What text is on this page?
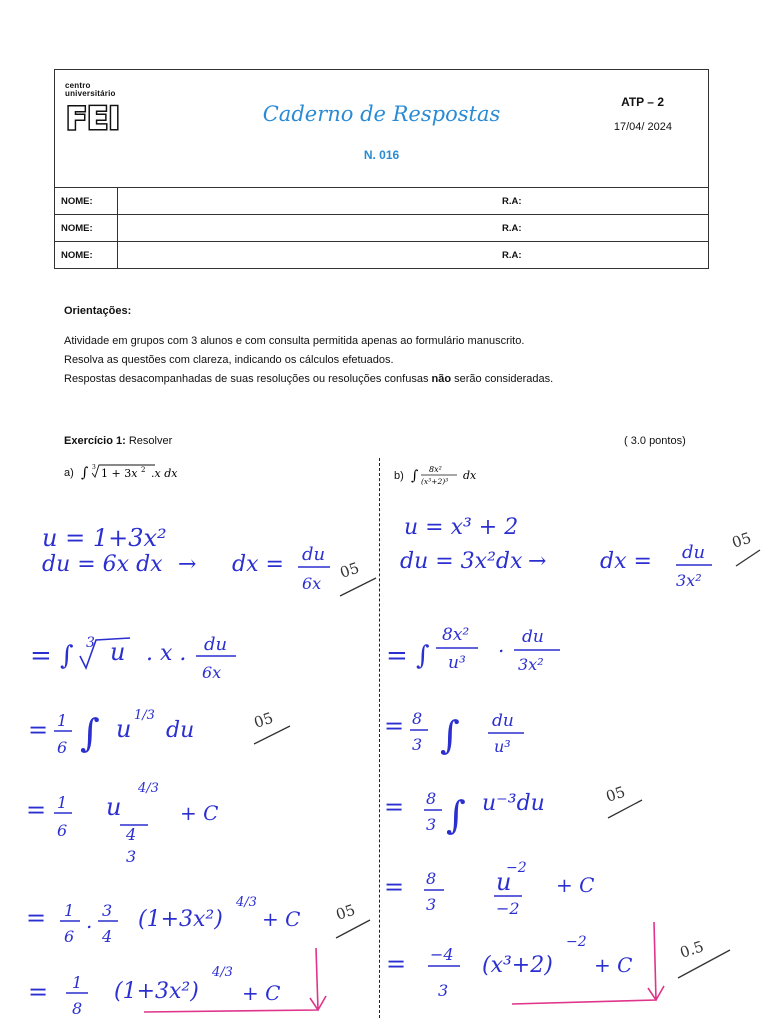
centro
universitário
FEI	Caderno de Respostas
N. 016
ATP – 2
17/04/ 2024
NOME:		R.A:
NOME:		R.A:
NOME:		R.A:
Orientações:
Atividade em grupos com 3 alunos e com consulta permitida apenas ao formulário manuscrito.
Resolva as questões com clareza, indicando os cálculos efetuados.
Respostas desacompanhadas de suas resoluções ou resoluções confusas não serão consideradas.
Exercício 1: Resolver	( 3.0 pontos)
a) ∫ 3 1 + 3x 2 .x dx	b) ∫ 8x²
(x³+2)³ dx
u = 1+3x²
du = 6x dx → dx = du
6x
= ∫ 3 u . x . du
6x
= 1
6 ∫ u 1/3
du
= 1
6
u
4/3
4
3
+ C
= 1
6
. 3
4
(1+3x²)
4/3
+ C
= 1
8
(1+3x²)
4/3
+ C
u = x³ + 2
du = 3x²dx → dx = du
3x²
= ∫
8x²
u³
. du
3x²
= 8
3 ∫ du
u³
= 8
3 ∫ u⁻³du
= 8
3
u
−2
−2
+ C
= −4
3
(x³+2)
−2
+ C
05
05
05
05
05
0.5
